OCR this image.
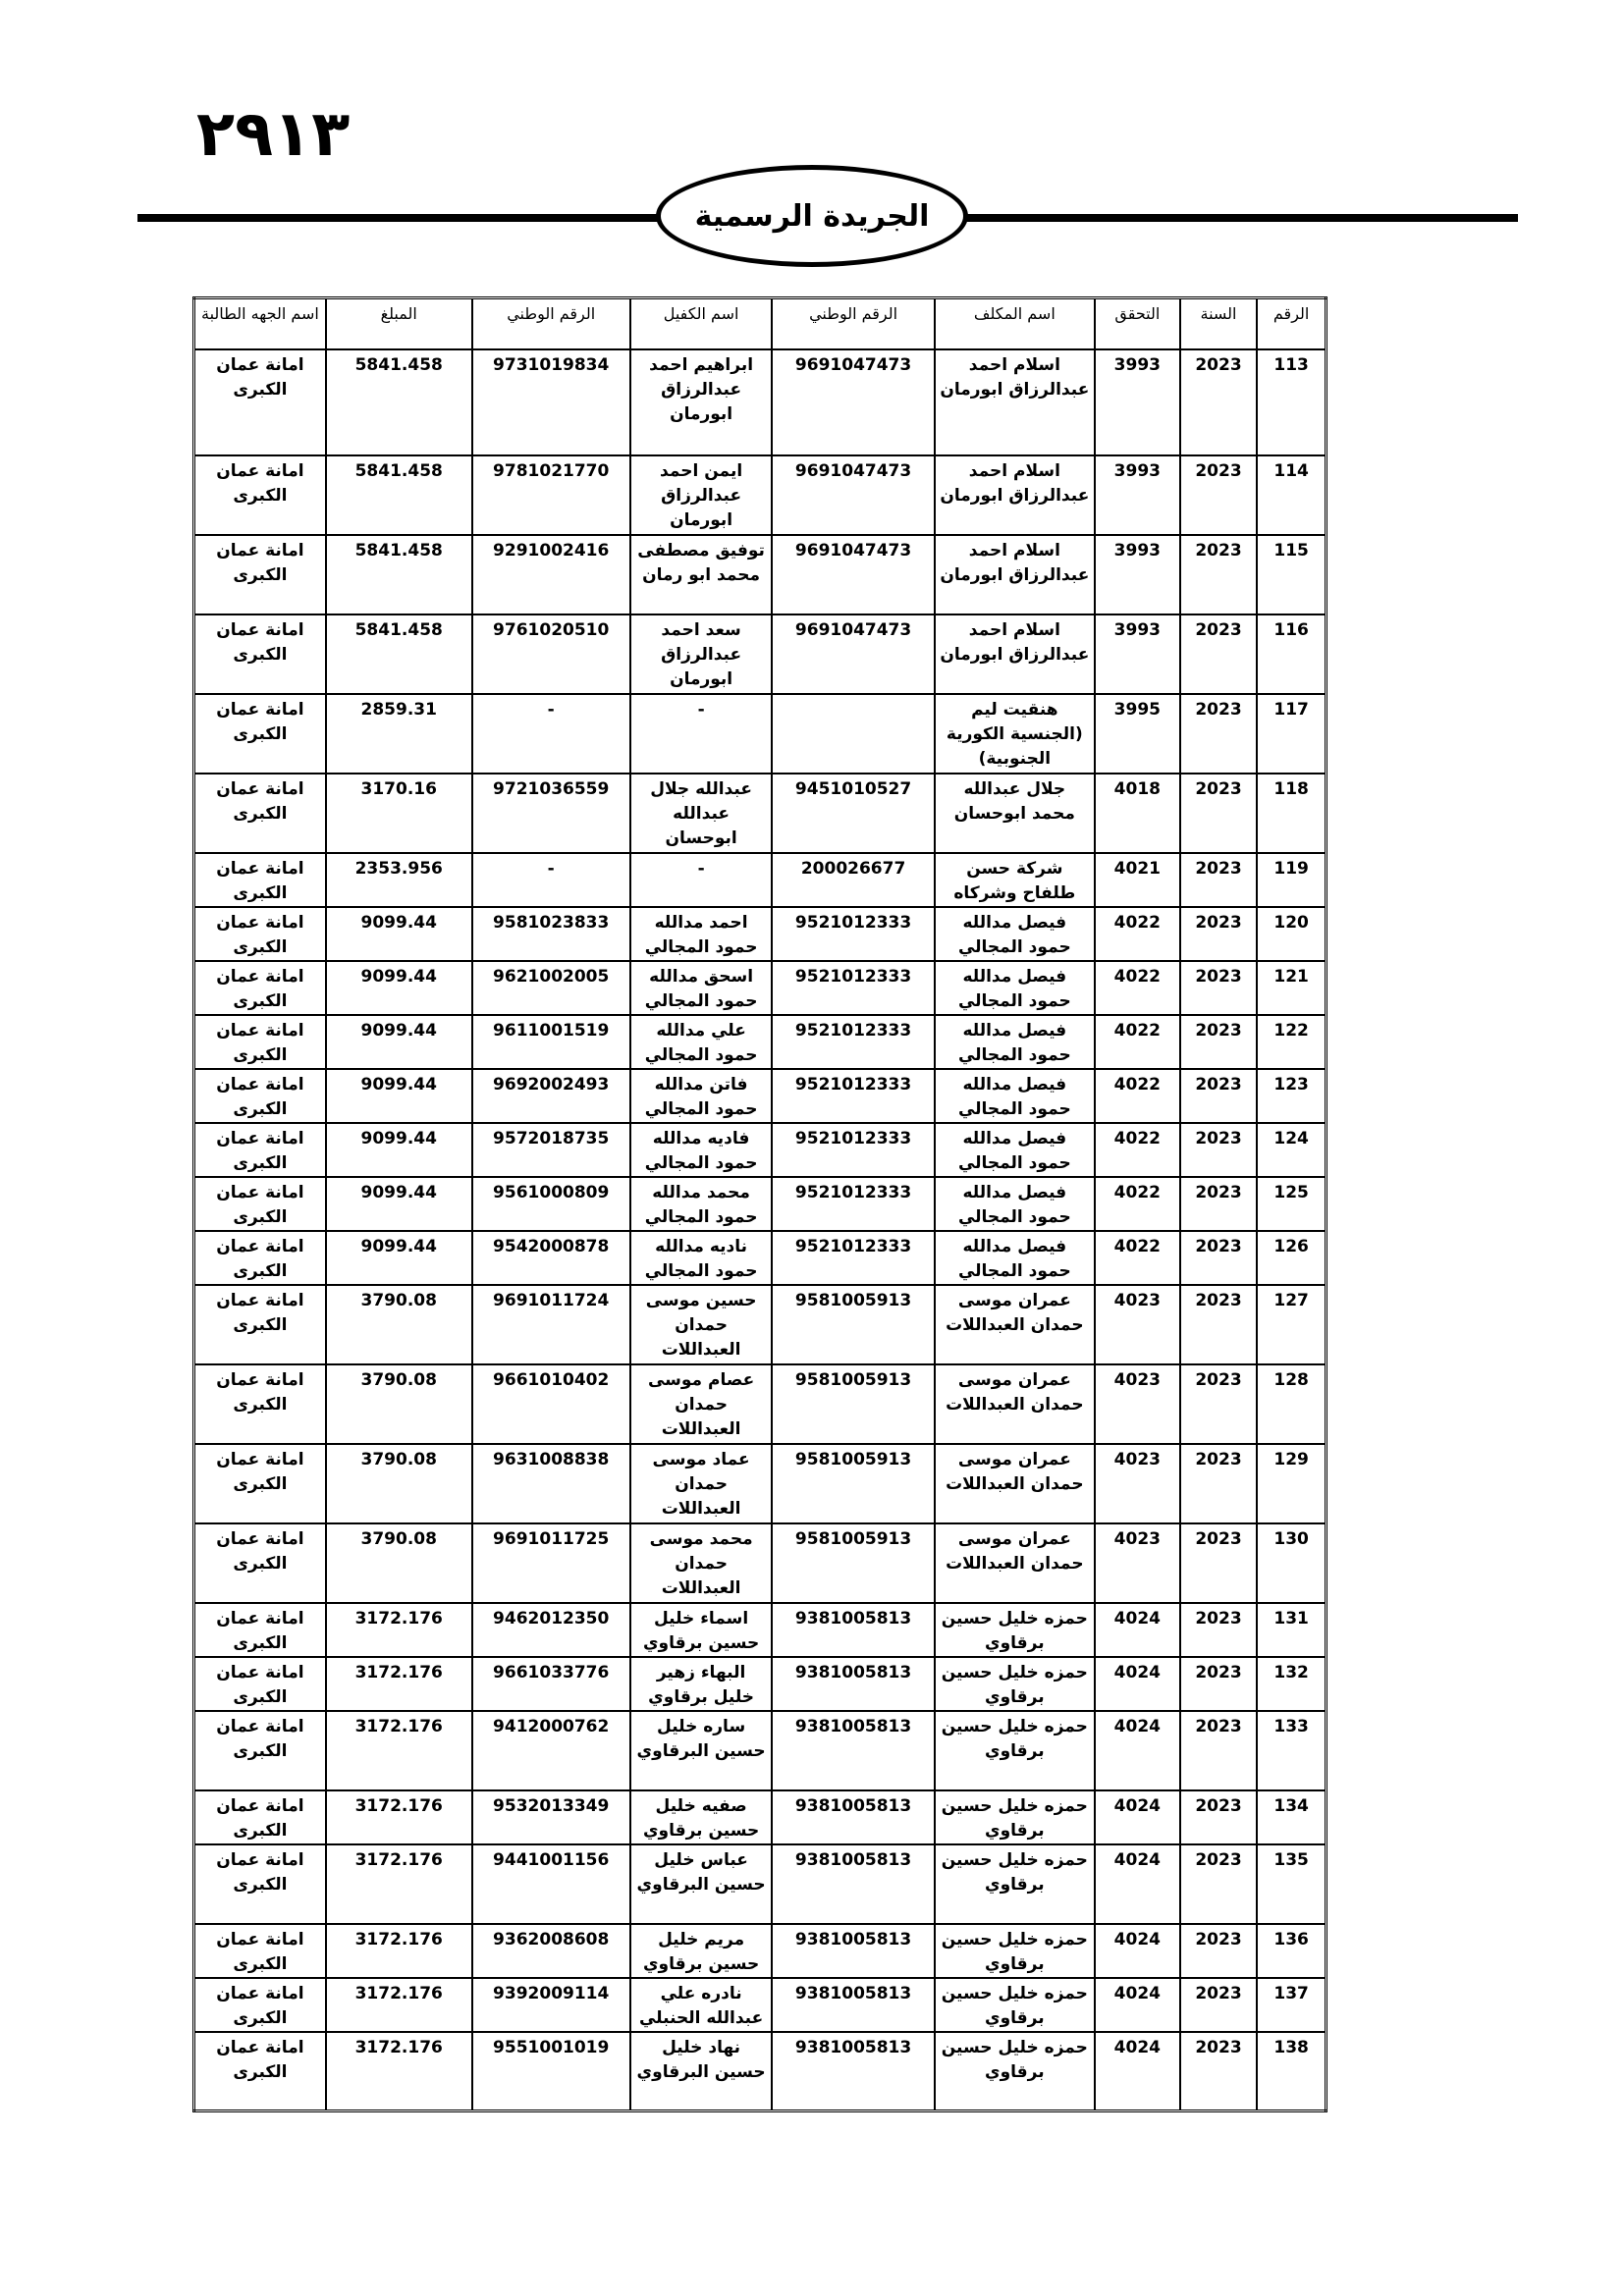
٢٩١٣
الجريدة الرسمية
الرقم	السنة	التحقق	اسم المكلف	الرقم الوطني	اسم الكفيل	الرقم الوطني	المبلغ	اسم الجهه الطالبة
113	2023	3993	اسلام احمد عبدالرزاق ابورمان	9691047473	ابراهيم احمد عبدالرزاق ابورمان	9731019834	5841.458	امانة عمان الكبرى
114	2023	3993	اسلام احمد عبدالرزاق ابورمان	9691047473	ايمن احمد عبدالرزاق ابورمان	9781021770	5841.458	امانة عمان الكبرى
115	2023	3993	اسلام احمد عبدالرزاق ابورمان	9691047473	توفيق مصطفى محمد ابو رمان	9291002416	5841.458	امانة عمان الكبرى
116	2023	3993	اسلام احمد عبدالرزاق ابورمان	9691047473	سعد احمد عبدالرزاق ابورمان	9761020510	5841.458	امانة عمان الكبرى
117	2023	3995	هنقيت ليم (الجنسية الكورية الجنوبية)		-	-	2859.31	امانة عمان الكبرى
118	2023	4018	جلال عبدالله محمد ابوحسان	9451010527	عبدالله جلال عبدالله ابوحسان	9721036559	3170.16	امانة عمان الكبرى
119	2023	4021	شركة حسن طلفاح وشركاه	200026677	-	-	2353.956	امانة عمان الكبرى
120	2023	4022	فيصل مدالله حمود المجالي	9521012333	احمد مدالله حمود المجالي	9581023833	9099.44	امانة عمان الكبرى
121	2023	4022	فيصل مدالله حمود المجالي	9521012333	اسحق مدالله حمود المجالي	9621002005	9099.44	امانة عمان الكبرى
122	2023	4022	فيصل مدالله حمود المجالي	9521012333	علي مدالله حمود المجالي	9611001519	9099.44	امانة عمان الكبرى
123	2023	4022	فيصل مدالله حمود المجالي	9521012333	فاتن مدالله حمود المجالي	9692002493	9099.44	امانة عمان الكبرى
124	2023	4022	فيصل مدالله حمود المجالي	9521012333	فاديه مدالله حمود المجالي	9572018735	9099.44	امانة عمان الكبرى
125	2023	4022	فيصل مدالله حمود المجالي	9521012333	محمد مدالله حمود المجالي	9561000809	9099.44	امانة عمان الكبرى
126	2023	4022	فيصل مدالله حمود المجالي	9521012333	ناديه مدالله حمود المجالي	9542000878	9099.44	امانة عمان الكبرى
127	2023	4023	عمران موسى حمدان العبداللات	9581005913	حسين موسى حمدان العبداللات	9691011724	3790.08	امانة عمان الكبرى
128	2023	4023	عمران موسى حمدان العبداللات	9581005913	عصام موسى حمدان العبداللات	9661010402	3790.08	امانة عمان الكبرى
129	2023	4023	عمران موسى حمدان العبداللات	9581005913	عماد موسى حمدان العبداللات	9631008838	3790.08	امانة عمان الكبرى
130	2023	4023	عمران موسى حمدان العبداللات	9581005913	محمد موسى حمدان العبداللات	9691011725	3790.08	امانة عمان الكبرى
131	2023	4024	حمزه خليل حسين برقاوي	9381005813	اسماء خليل حسين برقاوي	9462012350	3172.176	امانة عمان الكبرى
132	2023	4024	حمزه خليل حسين برقاوي	9381005813	البهاء زهير خليل برقاوي	9661033776	3172.176	امانة عمان الكبرى
133	2023	4024	حمزه خليل حسين برقاوي	9381005813	ساره خليل حسين البرقاوي	9412000762	3172.176	امانة عمان الكبرى
134	2023	4024	حمزه خليل حسين برقاوي	9381005813	صفيه خليل حسين برقاوي	9532013349	3172.176	امانة عمان الكبرى
135	2023	4024	حمزه خليل حسين برقاوي	9381005813	عباس خليل حسين البرقاوي	9441001156	3172.176	امانة عمان الكبرى
136	2023	4024	حمزه خليل حسين برقاوي	9381005813	مريم خليل حسين برقاوي	9362008608	3172.176	امانة عمان الكبرى
137	2023	4024	حمزه خليل حسين برقاوي	9381005813	نادره علي عبدالله الحنبلي	9392009114	3172.176	امانة عمان الكبرى
138	2023	4024	حمزه خليل حسين برقاوي	9381005813	نهاد خليل حسين البرقاوي	9551001019	3172.176	امانة عمان الكبرى
